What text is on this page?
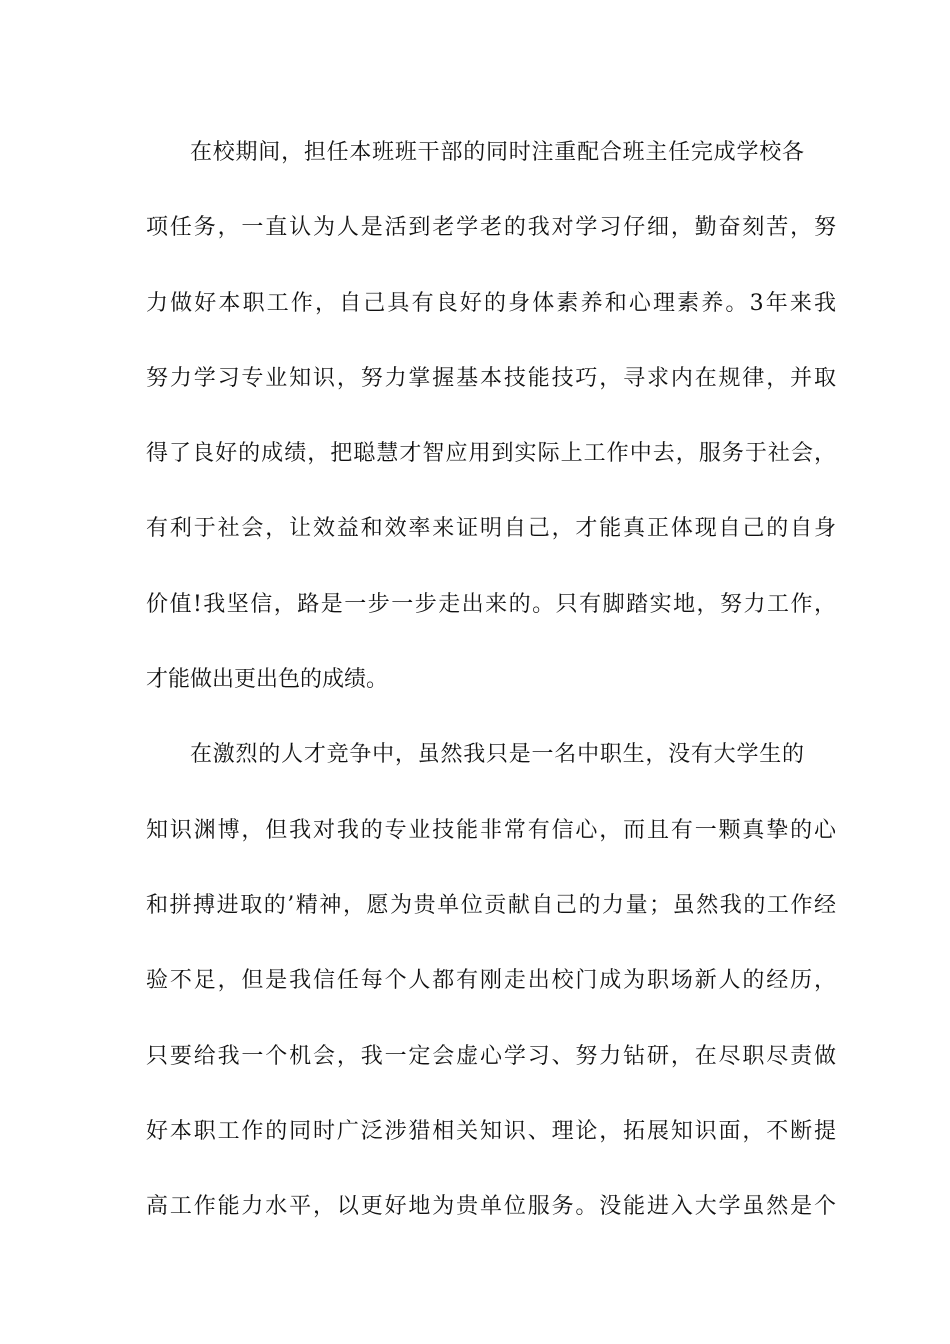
在校期间，担任本班班干部的同时注重配合班主任完成学校各
项任务，一直认为人是活到老学老的我对学习仔细，勤奋刻苦，努
力做好本职工作，自己具有良好的身体素养和心理素养。3年来我
努力学习专业知识，努力掌握基本技能技巧，寻求内在规律，并取
得了良好的成绩，把聪慧才智应用到实际上工作中去，服务于社会，
有利于社会，让效益和效率来证明自己，才能真正体现自己的自身
价值!我坚信，路是一步一步走出来的。只有脚踏实地，努力工作，
才能做出更出色的成绩。
在激烈的人才竞争中，虽然我只是一名中职生，没有大学生的
知识渊博，但我对我的专业技能非常有信心，而且有一颗真挚的心
和拼搏进取的’精神，愿为贵单位贡献自己的力量；虽然我的工作经
验不足，但是我信任每个人都有刚走出校门成为职场新人的经历，
只要给我一个机会，我一定会虚心学习、努力钻研，在尽职尽责做
好本职工作的同时广泛涉猎相关知识、理论，拓展知识面，不断提
高工作能力水平，以更好地为贵单位服务。没能进入大学虽然是个
